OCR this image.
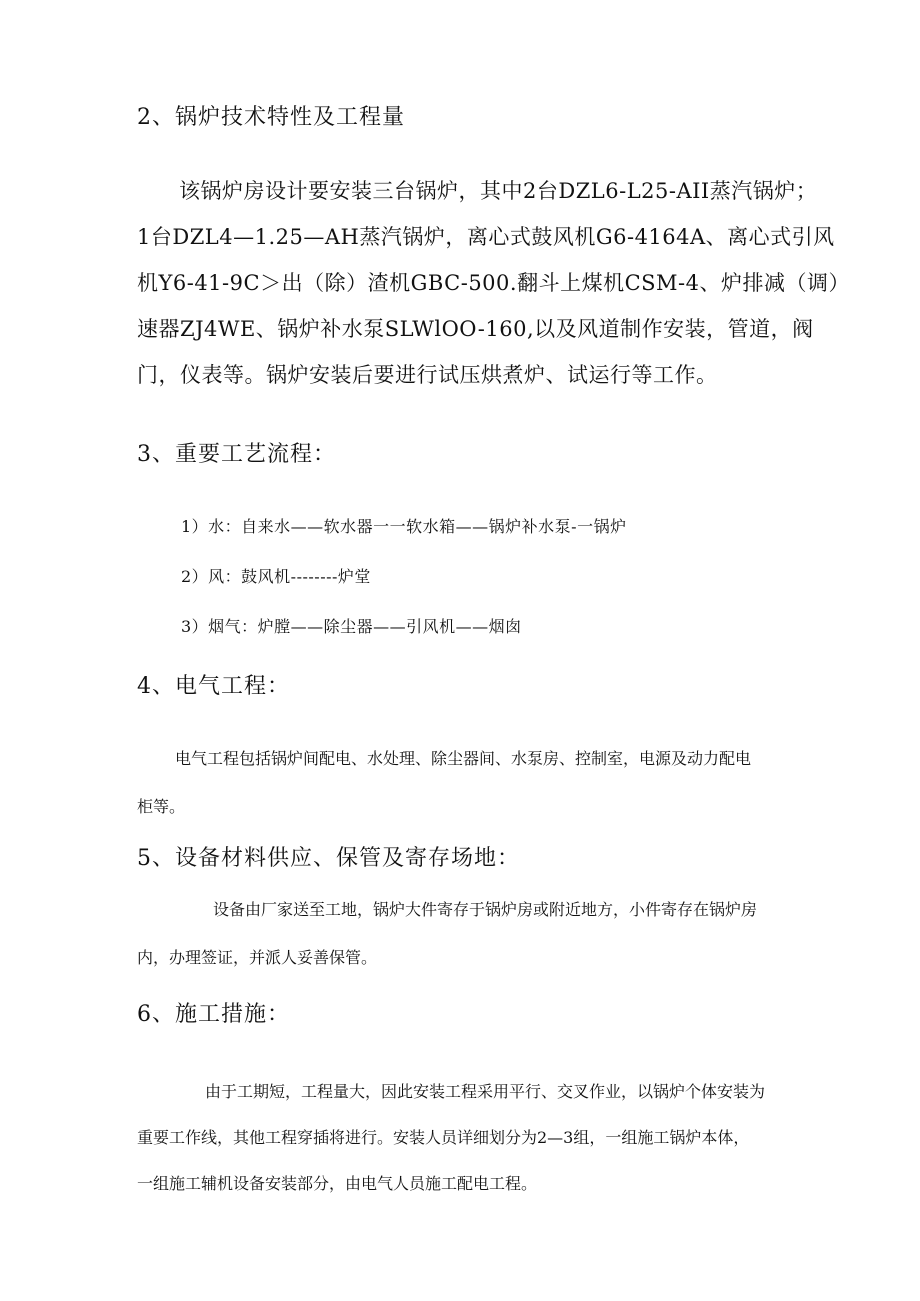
2、锅炉技术特性及工程量
该锅炉房设计要安装三台锅炉，其中2台DZL6-L25-AII蒸汽锅炉；
1台DZL4—1.25—AH蒸汽锅炉，离心式鼓风机G6-4164A、离心式引风
机Y6-41-9C＞出（除）渣机GBC-500.翻斗上煤机CSM-4、炉排减（调）
速器ZJ4WE、锅炉补水泵SLWlOO-160,以及风道制作安装，管道，阀
门，仪表等。锅炉安装后要进行试压烘煮炉、试运行等工作。
3、重要工艺流程：
1）水：自来水——软水器一一软水箱——锅炉补水泵-一锅炉
2）风：鼓风机--------炉堂
3）烟气：炉膛——除尘器——引风机——烟囱
4、电气工程：
电气工程包括锅炉间配电、水处理、除尘器间、水泵房、控制室，电源及动力配电
柜等。
5、设备材料供应、保管及寄存场地：
设备由厂家送至工地，锅炉大件寄存于锅炉房或附近地方，小件寄存在锅炉房
内，办理签证，并派人妥善保管。
6、施工措施：
由于工期短，工程量大，因此安装工程采用平行、交叉作业，以锅炉个体安装为
重要工作线，其他工程穿插将进行。安装人员详细划分为2—3组，一组施工锅炉本体，
一组施工辅机设备安装部分，由电气人员施工配电工程。
